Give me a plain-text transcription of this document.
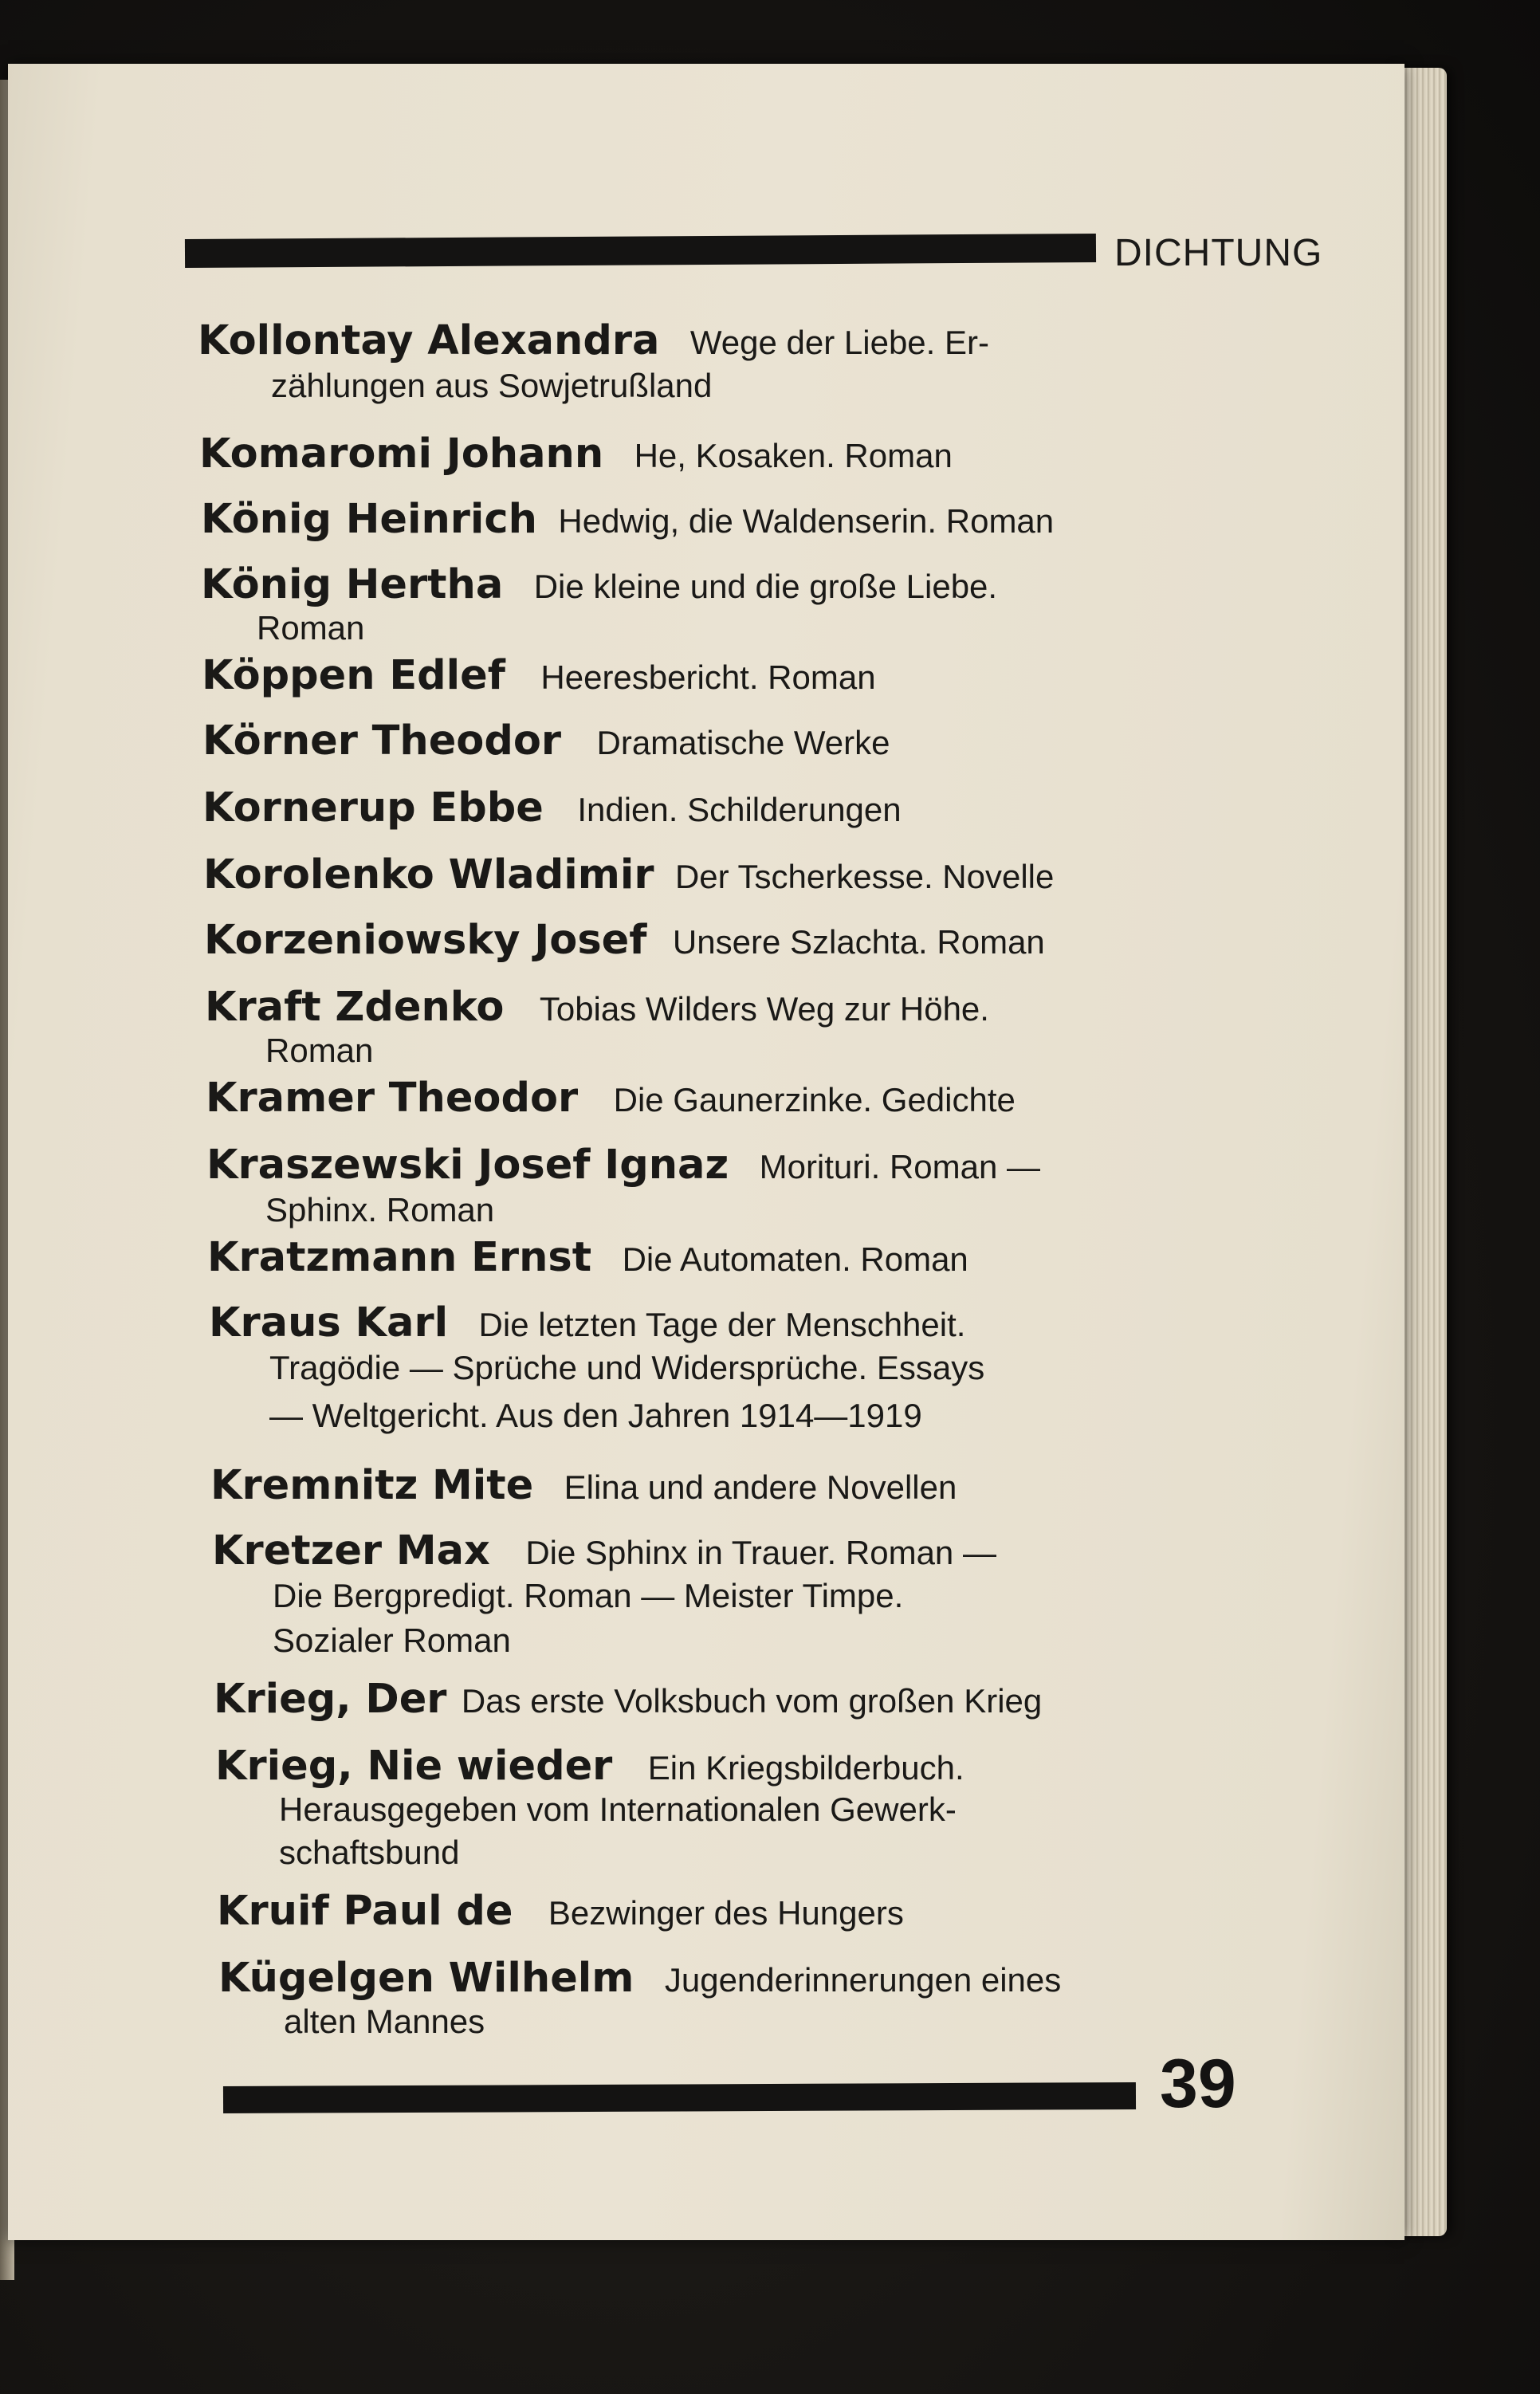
DICHTUNG
Kollontay Alexandra Wege der Liebe. Er-
zählungen aus Sowjetrußland
Komaromi Johann He, Kosaken. Roman
König Heinrich Hedwig, die Waldenserin. Roman
König Hertha Die kleine und die große Liebe.
Roman
Köppen Edlef Heeresbericht. Roman
Körner Theodor Dramatische Werke
Kornerup Ebbe Indien. Schilderungen
Korolenko Wladimir Der Tscherkesse. Novelle
Korzeniowsky Josef Unsere Szlachta. Roman
Kraft Zdenko Tobias Wilders Weg zur Höhe.
Roman
Kramer Theodor Die Gaunerzinke. Gedichte
Kraszewski Josef Ignaz Morituri. Roman —
Sphinx. Roman
Kratzmann Ernst Die Automaten. Roman
Kraus Karl Die letzten Tage der Menschheit.
Tragödie — Sprüche und Widersprüche. Essays
— Weltgericht. Aus den Jahren 1914—1919
Kremnitz Mite Elina und andere Novellen
Kretzer Max Die Sphinx in Trauer. Roman —
Die Bergpredigt. Roman — Meister Timpe.
Sozialer Roman
Krieg, Der Das erste Volksbuch vom großen Krieg
Krieg, Nie wieder Ein Kriegsbilderbuch.
Herausgegeben vom Internationalen Gewerk-
schaftsbund
Kruif Paul de Bezwinger des Hungers
Kügelgen Wilhelm Jugenderinnerungen eines
alten Mannes
39
